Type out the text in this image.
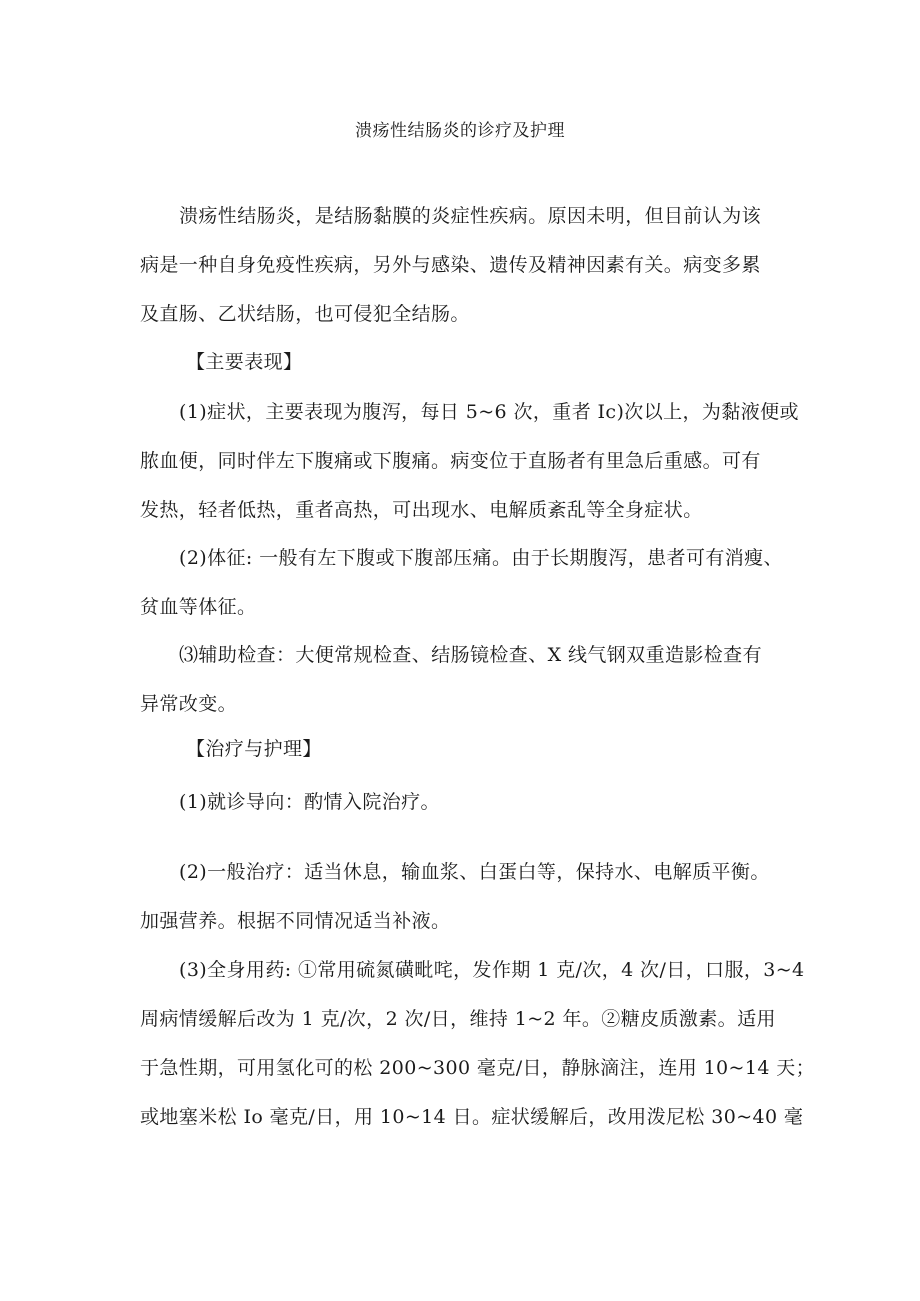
溃疡性结肠炎的诊疗及护理
溃疡性结肠炎，是结肠黏膜的炎症性疾病。原因未明，但目前认为该
病是一种自身免疫性疾病，另外与感染、遗传及精神因素有关。病变多累
及直肠、乙状结肠，也可侵犯全结肠。
【主要表现】
(1)症状，主要表现为腹泻，每日 5~6 次，重者 Ic)次以上，为黏液便或
脓血便，同时伴左下腹痛或下腹痛。病变位于直肠者有里急后重感。可有
发热，轻者低热，重者高热，可出现水、电解质紊乱等全身症状。
(2)体征: 一般有左下腹或下腹部压痛。由于长期腹泻，患者可有消瘦、
贫血等体征。
⑶辅助检查：大便常规检查、结肠镜检查、X 线气钢双重造影检查有
异常改变。
【治疗与护理】
(1)就诊导向：酌情入院治疗。
(2)一般治疗：适当休息，输血浆、白蛋白等，保持水、电解质平衡。
加强营养。根据不同情况适当补液。
(3)全身用药: ①常用硫氮磺毗咤，发作期 1 克/次，4 次/日，口服，3~4
周病情缓解后改为 1 克/次，2 次/日，维持 1~2 年。②糖皮质激素。适用
于急性期，可用氢化可的松 200~300 毫克/日，静脉滴注，连用 10~14 天；
或地塞米松 Io 毫克/日，用 10~14 日。症状缓解后，改用泼尼松 30~40 毫
